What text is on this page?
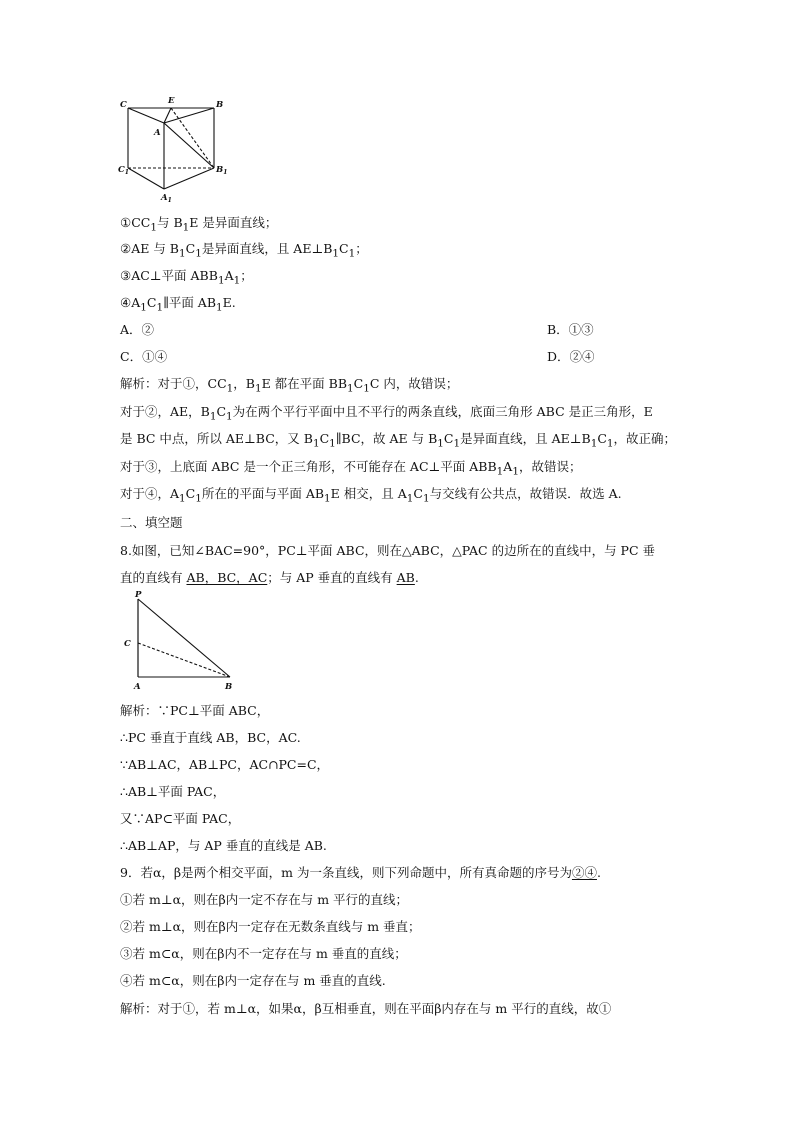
C	E	B
A
$C_1$	$B_1$
$A_1$
$①CC_1$与 $B_1E$ 是异面直线；
②AE 与 $B_1C_1$是异面直线，且 $AE\perp B_1C_1$；
③AC⊥平面 $ABB_1A_1$；
$④A_1C_1\parallel$平面 $AB_1E$.
A．②	B．①③
C．①④	D．②④
解析：对于①，$CC_1$，$B_1E$ 都在平面 $BB_1C_1C$ 内，故错误；
对于②，AE，$B_1C_1$为在两个平行平面中且不平行的两条直线，底面三角形 ABC 是正三角形，E
是 BC 中点，所以 AE⊥BC，又 $B_1C_1\parallel BC$，故 AE 与 $B_1C_1$是异面直线，且 $AE\perp B_1C_1$，故正确；
对于③，上底面 ABC 是一个正三角形，不可能存在 AC⊥平面 $ABB_1A_1$，故错误；
对于④，$A_1C_1$所在的平面与平面 $AB_1E$ 相交，且 $A_1C_1$与交线有公共点，故错误．故选 A.
二、填空题
8.如图，已知∠BAC=90°，PC⊥平面 ABC，则在△ABC，△PAC 的边所在的直线中，与 PC 垂
直的直线有 AB，BC，AC；与 AP 垂直的直线有 AB.
P
C
A	B
解析：∵PC⊥平面 ABC，
∴PC 垂直于直线 AB，BC，AC.
∵AB⊥AC，AB⊥PC，AC∩PC=C，
∴AB⊥平面 PAC，
又∵AP⊂平面 PAC，
∴AB⊥AP，与 AP 垂直的直线是 AB.
9．若α，β是两个相交平面，m 为一条直线，则下列命题中，所有真命题的序号为②④.
①若 m⊥α，则在β内一定不存在与 m 平行的直线；
②若 m⊥α，则在β内一定存在无数条直线与 m 垂直；
③若 m⊂α，则在β内不一定存在与 m 垂直的直线；
④若 m⊂α，则在β内一定存在与 m 垂直的直线.
解析：对于①，若 m⊥α，如果α，β互相垂直，则在平面β内存在与 m 平行的直线，故①
